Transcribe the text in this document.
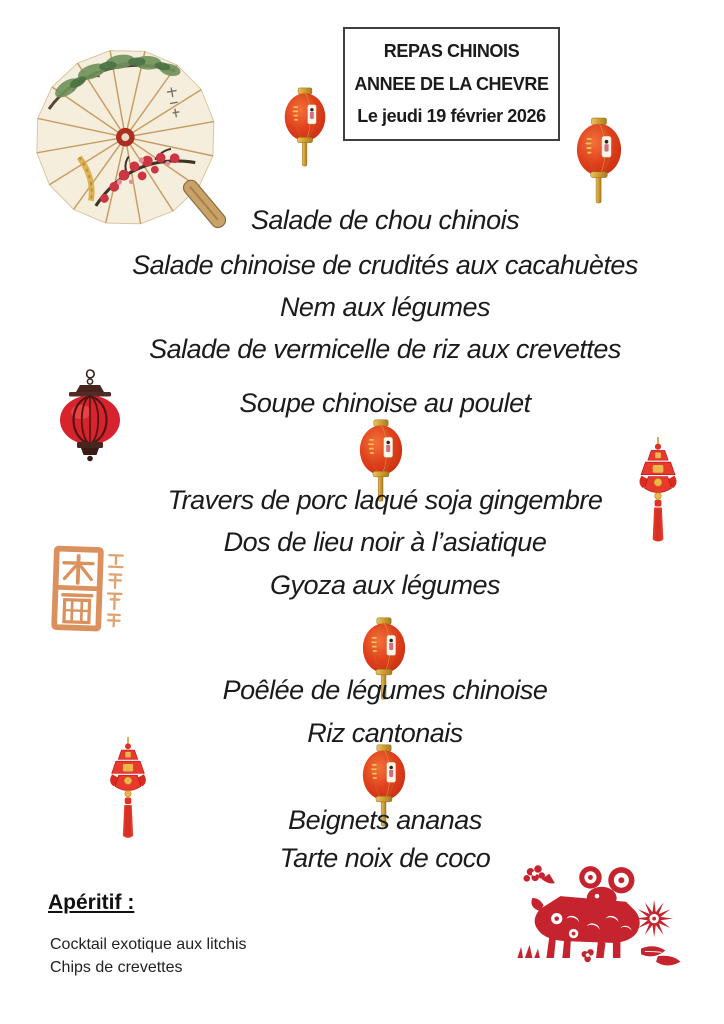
REPAS CHINOIS
ANNEE DE LA CHEVRE
Le jeudi 19 février 2026
Salade de chou chinois
Salade chinoise de crudités aux cacahuètes
Nem aux légumes
Salade de vermicelle de riz aux crevettes
Soupe chinoise au poulet
Travers de porc laqué soja gingembre
Dos de lieu noir à l’asiatique
Gyoza aux légumes
Poêlée de légumes chinoise
Riz cantonais
Beignets ananas
Tarte noix de coco
Apéritif :
Cocktail exotique aux litchis
Chips de crevettes
